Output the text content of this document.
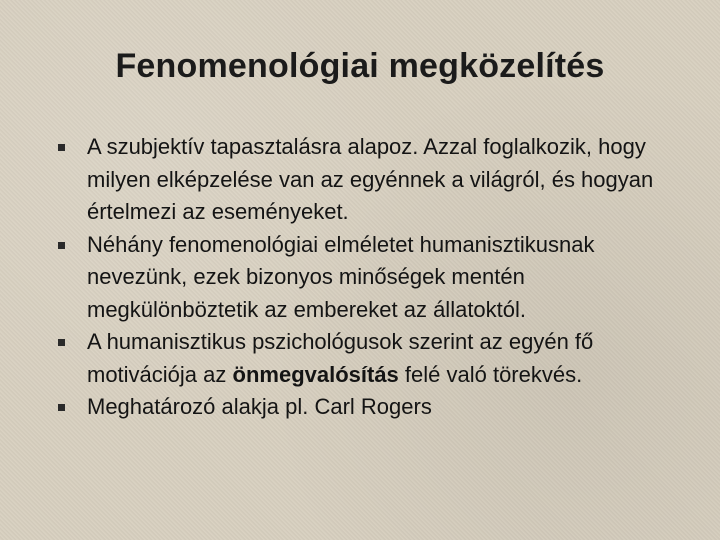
Fenomenológiai megközelítés
A szubjektív tapasztalásra alapoz. Azzal foglalkozik, hogy milyen elképzelése van az egyénnek a világról, és hogyan értelmezi az eseményeket.
Néhány fenomenológiai elméletet humanisztikusnak nevezünk, ezek bizonyos minőségek mentén megkülönböztetik az embereket az állatoktól.
A humanisztikus pszichológusok szerint az egyén fő motivációja az önmegvalósítás felé való törekvés.
Meghatározó alakja pl. Carl Rogers
